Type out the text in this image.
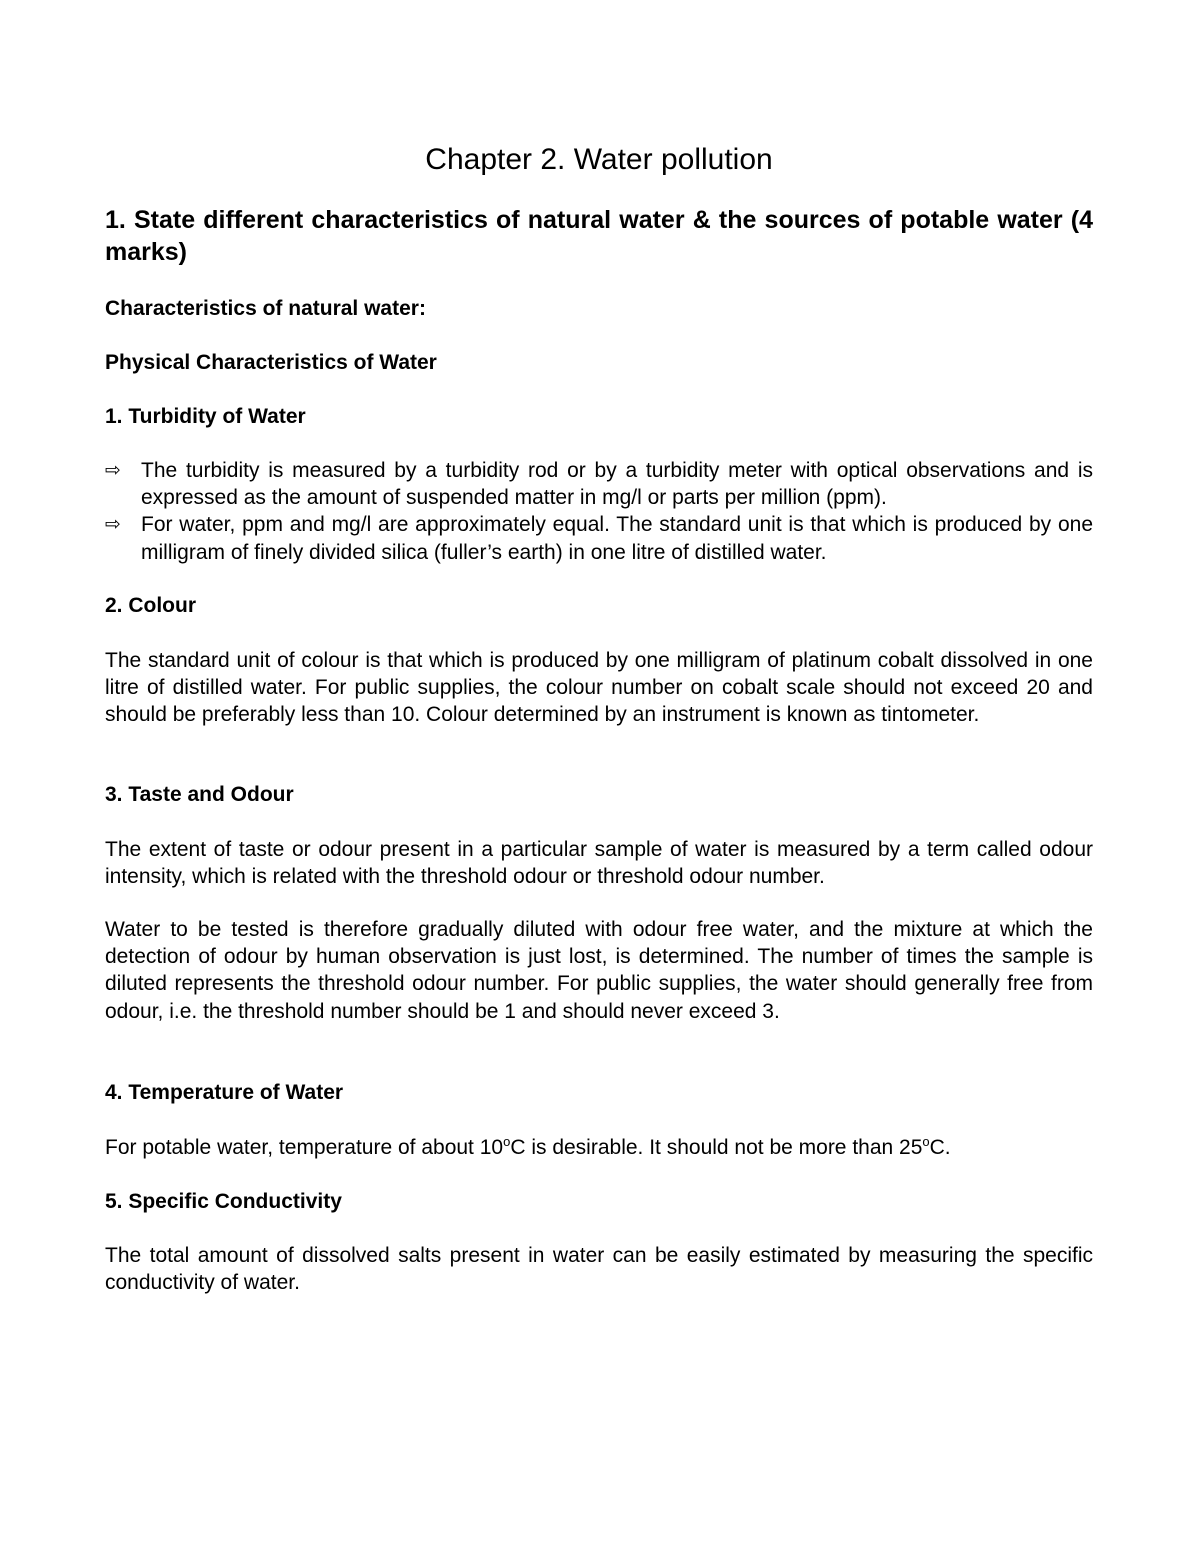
Chapter 2. Water pollution

1. State different characteristics of natural water & the sources of potable water (4 marks)

Characteristics of natural water:
Physical Characteristics of Water
1. Turbidity of Water
⇨ The turbidity is measured by a turbidity rod or by a turbidity meter with optical observations and is expressed as the amount of suspended matter in mg/l or parts per million (ppm).
⇨ For water, ppm and mg/l are approximately equal. The standard unit is that which is produced by one milligram of finely divided silica (fuller’s earth) in one litre of distilled water.
2. Colour

The standard unit of colour is that which is produced by one milligram of platinum cobalt dissolved in one litre of distilled water. For public supplies, the colour number on cobalt scale should not exceed 20 and should be preferably less than 10. Colour determined by an instrument is known as tintometer.

3. Taste and Odour

The extent of taste or odour present in a particular sample of water is measured by a term called odour intensity, which is related with the threshold odour or threshold odour number.

Water to be tested is therefore gradually diluted with odour free water, and the mixture at which the detection of odour by human observation is just lost, is determined. The number of times the sample is diluted represents the threshold odour number. For public supplies, the water should generally free from odour, i.e. the threshold number should be 1 and should never exceed 3.

4. Temperature of Water

For potable water, temperature of about 10$^o$C is desirable. It should not be more than 25$^o$C.

5. Specific Conductivity

The total amount of dissolved salts present in water can be easily estimated by measuring the specific conductivity of water.
